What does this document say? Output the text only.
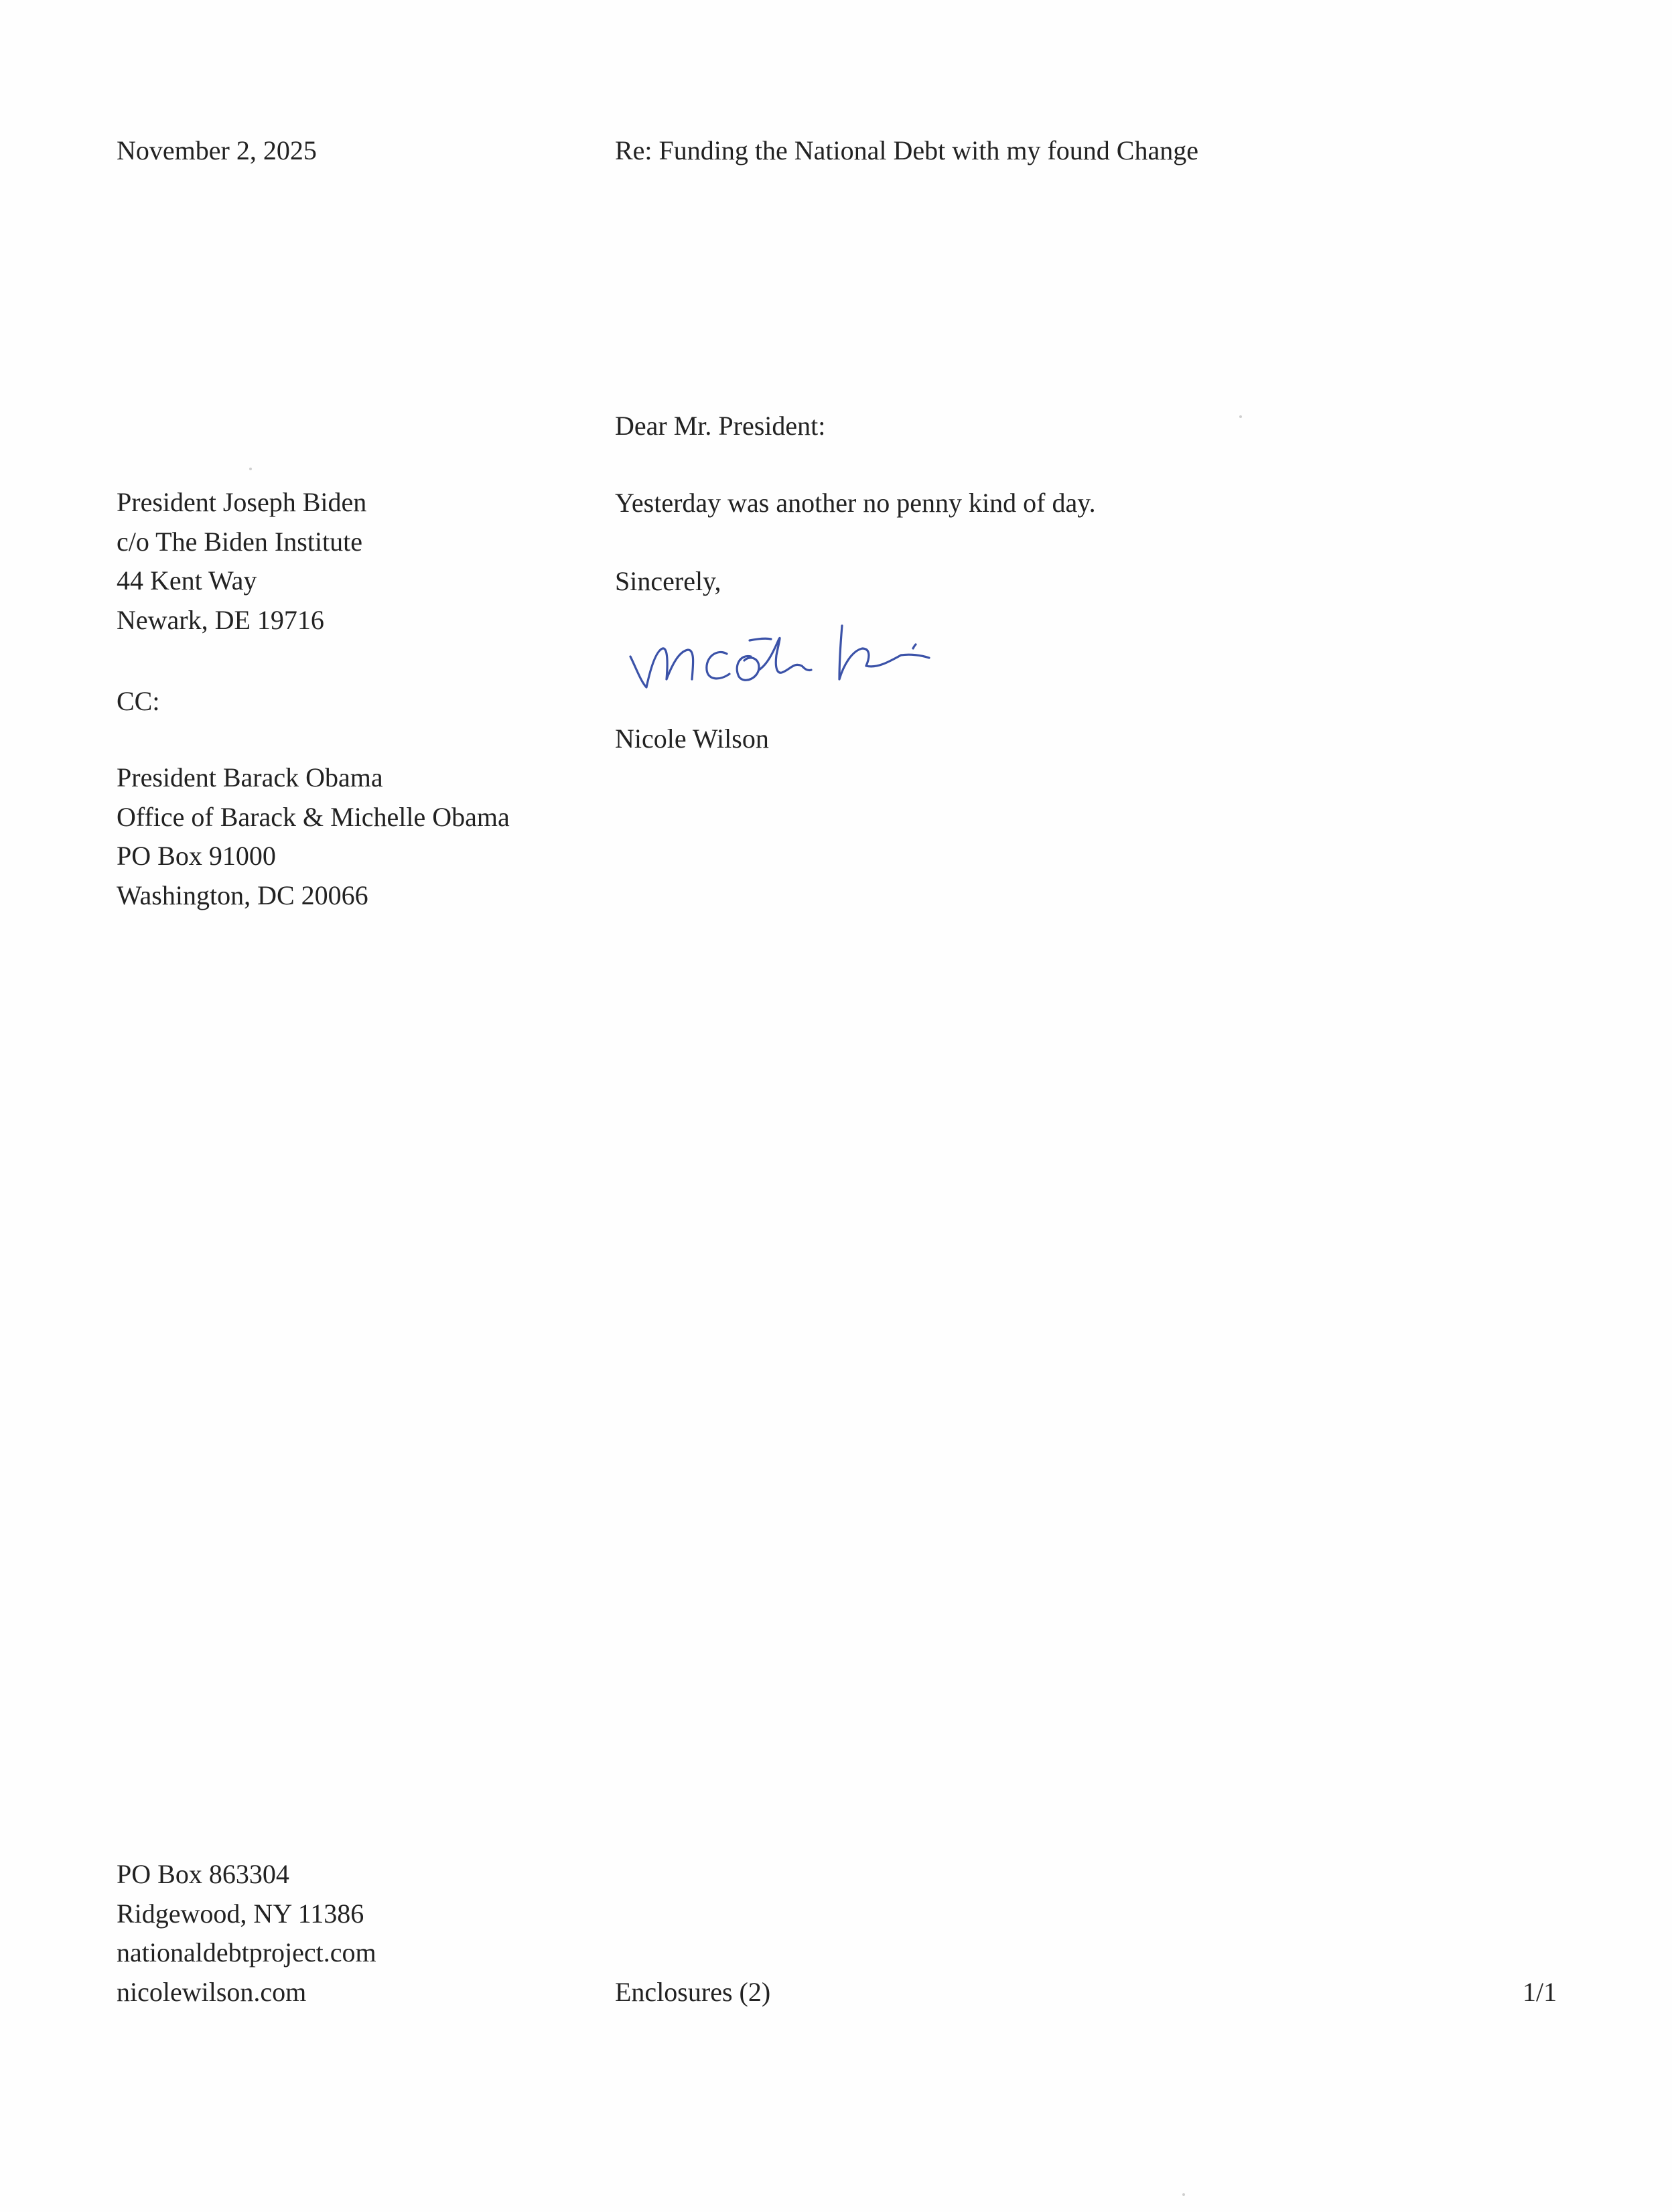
November 2, 2025	Re: Funding the National Debt with my found Change

Dear Mr. President:

President Joseph Biden
c/o The Biden Institute
44 Kent Way
Newark, DE 19716

Yesterday was another no penny kind of day.

Sincerely,

Nicole Wilson

CC:

President Barack Obama
Office of Barack & Michelle Obama
PO Box 91000
Washington, DC 20066
PO Box 863304
Ridgewood, NY 11386
nationaldebtproject.com
nicolewilson.com	Enclosures (2)	1/1
